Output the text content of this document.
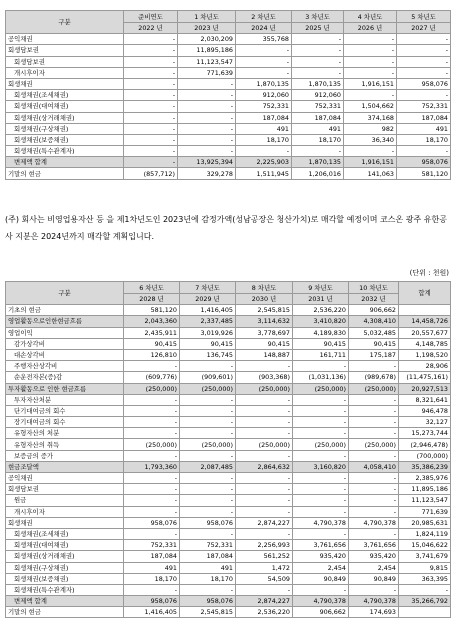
구분	준비연도	1 차년도	2 차년도	3 차년도	4 차년도	5 차년도
	2022 년	2023 년	2024 년	2025 년	2026 년	2027 년
공익채권	-	2,030,209	355,768	-	-	-
회생담보권	-	11,895,186	-	-	-	-
회생담보권	-	11,123,547	-	-	-	-
개시후이자	-	771,639	-	-	-	-
회생채권	-	-	1,870,135	1,870,135	1,916,151	958,076
회생채권(조세채권)	-	-	912,060	912,060	-	-
회생채권(대여채권)	-	-	752,331	752,331	1,504,662	752,331
회생채권(상거래채권)	-	-	187,084	187,084	374,168	187,084
회생채권(구상채권)	-	-	491	491	982	491
회생채권(보증채권)	-	-	18,170	18,170	36,340	18,170
회생채권(특수관계자)	-	-	-	-	-	-
변제액 합계	-	13,925,394	2,225,903	1,870,135	1,916,151	958,076
기말의 현금	(857,712)	329,278	1,511,945	1,206,016	141,063	581,120
(주) 회사는 비영업용자산 등 을 제1차년도인 2023년에 감정가액(성남공장은 청산가치)로 매각할 예정이며 코스온 광주 유한공사 지분은 2024년까지 매각할 계획입니다.
(단위 : 천원)
구분	6 차년도	7 차년도	8 차년도	9 차년도	10 차년도	합계
	2028 년	2029 년	2030 년	2031 년	2032 년	
기초의 현금	581,120	1,416,405	2,545,815	2,536,220	906,662	
영업활동으로인한현금흐름	2,043,360	2,337,485	3,114,632	3,410,820	4,308,410	14,458,726
영업이익	2,435,911	3,019,926	3,778,697	4,189,830	5,032,485	20,557,677
감가상각비	90,415	90,415	90,415	90,415	90,415	4,148,785
대손상각비	126,810	136,745	148,887	161,711	175,187	1,198,520
주행자산상각비	-	-	-	-	-	28,906
순운전자본(증)감	(609,776)	(909,601)	(903,368)	(1,031,136)	(989,678)	(11,475,161)
투자활동으로 인한 현금흐름	(250,000)	(250,000)	(250,000)	(250,000)	(250,000)	20,927,513
투자자산처분	-	-	-	-	-	8,321,641
단기대여금의 회수	-	-	-	-	-	946,478
장기대여금의 회수	-	-	-	-	-	32,127
유형자산의 처분	-	-	-	-	-	15,273,744
유형자산의 취득	(250,000)	(250,000)	(250,000)	(250,000)	(250,000)	(2,946,478)
보증금의 증가	-	-	-	-	-	(700,000)
현금조달액	1,793,360	2,087,485	2,864,632	3,160,820	4,058,410	35,386,239
공익채권	-	-	-	-	-	2,385,976
회생담보권	-	-	-	-	-	11,895,186
원금	-	-	-	-	-	11,123,547
개시후이자	-	-	-	-	-	771,639
회생채권	958,076	958,076	2,874,227	4,790,378	4,790,378	20,985,631
회생채권(조세채권)	-	-	-	-	-	1,824,119
회생채권(대여채권)	752,331	752,331	2,256,993	3,761,656	3,761,656	15,046,622
회생채권(상거래채권)	187,084	187,084	561,252	935,420	935,420	3,741,679
회생채권(구상채권)	491	491	1,472	2,454	2,454	9,815
회생채권(보증채권)	18,170	18,170	54,509	90,849	90,849	363,395
회생채권(특수관계자)	-	-	-	-	-	-
변제액 합계	958,076	958,076	2,874,227	4,790,378	4,790,378	35,266,792
기말의 현금	1,416,405	2,545,815	2,536,220	906,662	174,693	
